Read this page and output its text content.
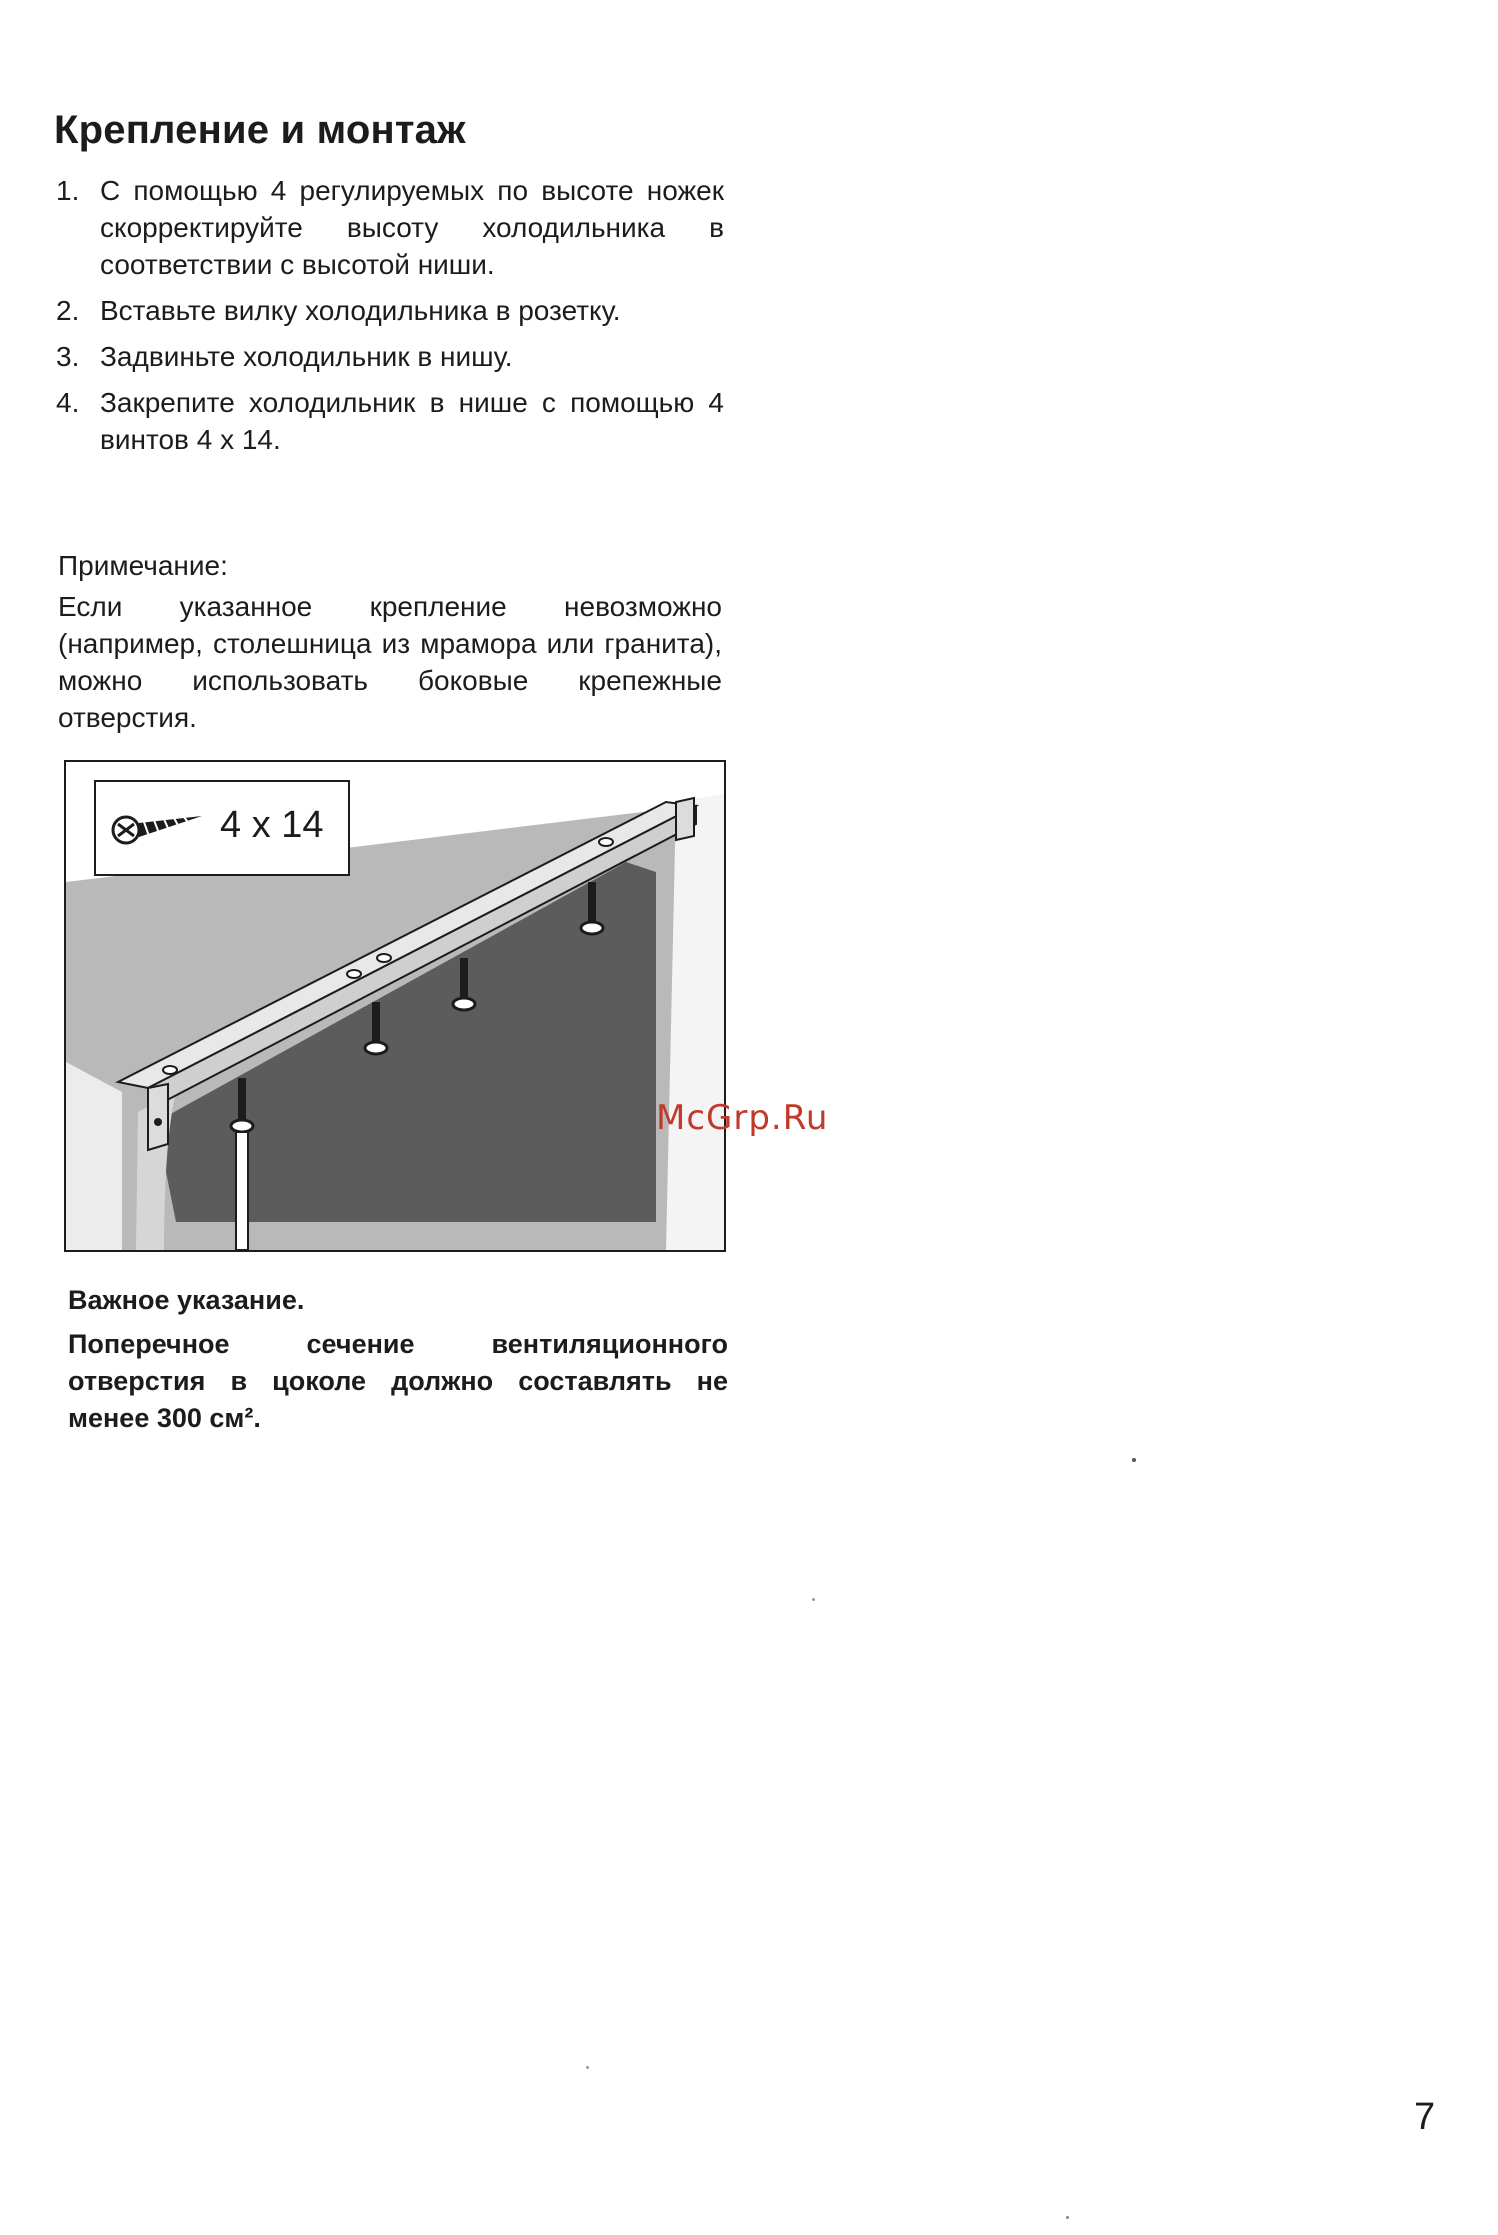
Крепление и монтаж
1. С помощью 4 регулируемых по высоте ножек скорректируйте высоту холодильника в соответствии с высотой ниши.
2. Вставьте вилку холодильника в розетку.
3. Задвиньте холодильник в нишу.
4. Закрепите холодильник в нише с помощью 4 винтов 4 x 14.
Примечание:
Если указанное крепление невозможно (например, столешница из мрамора или гранита), можно использовать боковые крепежные отверстия.
4 x 14
McGrp.Ru
Важное указание.
Поперечное сечение вентиляционного отверстия в цоколе должно составлять не менее 300 см².
7
